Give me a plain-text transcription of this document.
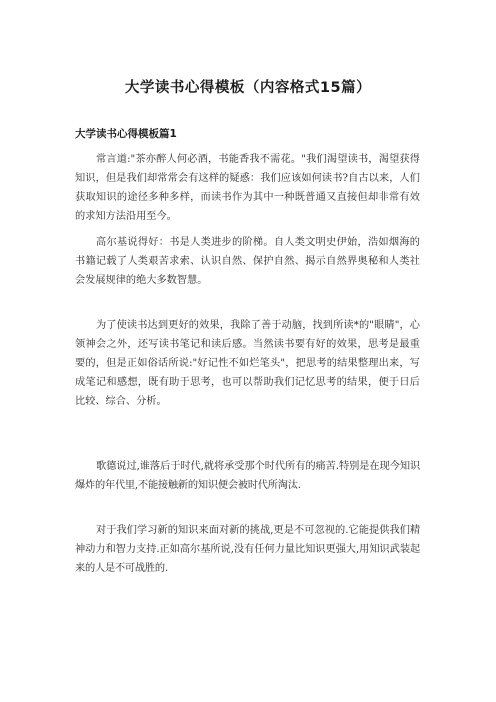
大学读书心得模板（内容格式15篇）
大学读书心得模板篇1

常言道:"茶亦醉人何必酒，书能香我不需花。"我们渴望读书，渴望获得知识，但是我们却常常会有这样的疑惑：我们应该如何读书?自古以来，人们获取知识的途径多种多样，而读书作为其中一种既普通又直接但却非常有效的求知方法沿用至今。

高尔基说得好：书是人类进步的阶梯。自人类文明史伊始，浩如烟海的书籍记载了人类艰苦求索、认识自然、保护自然、揭示自然界奥秘和人类社会发展规律的绝大多数智慧。

为了使读书达到更好的效果，我除了善于动脑，找到所读*的"眼睛"，心领神会之外，还写读书笔记和读后感。当然读书要有好的效果，思考是最重要的，但是正如俗话所说:"好记性不如烂笔头"，把思考的结果整理出来，写成笔记和感想，既有助于思考，也可以帮助我们记忆思考的结果，便于日后比较、综合、分析。

歌德说过,谁落后于时代,就将承受那个时代所有的痛苦.特别是在现今知识爆炸的年代里,不能接触新的知识便会被时代所淘汰.

对于我们学习新的知识来面对新的挑战,更是不可忽视的.它能提供我们精神动力和智力支持.正如高尔基所说,没有任何力量比知识更强大,用知识武装起来的人是不可战胜的.
